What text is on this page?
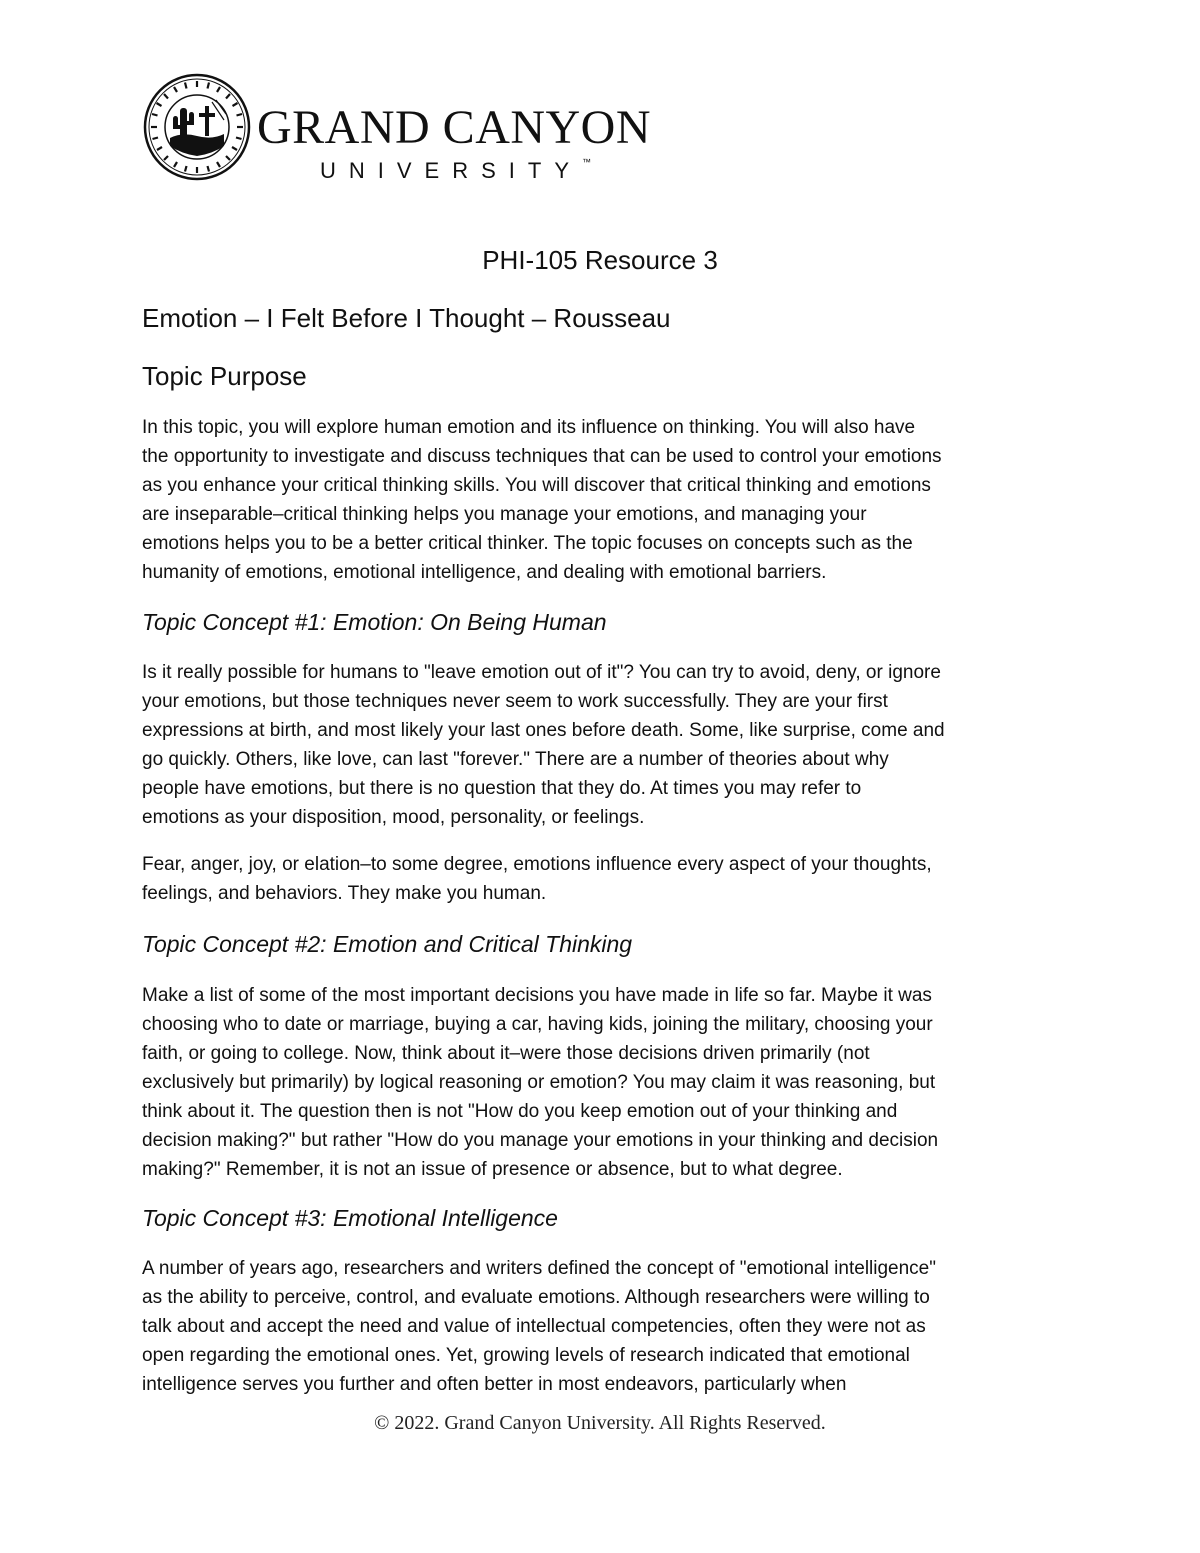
GRAND CANYON
UNIVERSITY™
PHI-105 Resource 3
Emotion – I Felt Before I Thought – Rousseau
Topic Purpose
In this topic, you will explore human emotion and its influence on thinking. You will also have
the opportunity to investigate and discuss techniques that can be used to control your emotions
as you enhance your critical thinking skills. You will discover that critical thinking and emotions
are inseparable–critical thinking helps you manage your emotions, and managing your
emotions helps you to be a better critical thinker. The topic focuses on concepts such as the
humanity of emotions, emotional intelligence, and dealing with emotional barriers.
Topic Concept #1: Emotion: On Being Human
Is it really possible for humans to "leave emotion out of it"? You can try to avoid, deny, or ignore
your emotions, but those techniques never seem to work successfully. They are your first
expressions at birth, and most likely your last ones before death. Some, like surprise, come and
go quickly. Others, like love, can last "forever." There are a number of theories about why
people have emotions, but there is no question that they do. At times you may refer to
emotions as your disposition, mood, personality, or feelings.
Fear, anger, joy, or elation–to some degree, emotions influence every aspect of your thoughts,
feelings, and behaviors. They make you human.
Topic Concept #2: Emotion and Critical Thinking
Make a list of some of the most important decisions you have made in life so far. Maybe it was
choosing who to date or marriage, buying a car, having kids, joining the military, choosing your
faith, or going to college. Now, think about it–were those decisions driven primarily (not
exclusively but primarily) by logical reasoning or emotion? You may claim it was reasoning, but
think about it. The question then is not "How do you keep emotion out of your thinking and
decision making?" but rather "How do you manage your emotions in your thinking and decision
making?" Remember, it is not an issue of presence or absence, but to what degree.
Topic Concept #3: Emotional Intelligence
A number of years ago, researchers and writers defined the concept of "emotional intelligence"
as the ability to perceive, control, and evaluate emotions. Although researchers were willing to
talk about and accept the need and value of intellectual competencies, often they were not as
open regarding the emotional ones. Yet, growing levels of research indicated that emotional
intelligence serves you further and often better in most endeavors, particularly when
© 2022. Grand Canyon University. All Rights Reserved.
